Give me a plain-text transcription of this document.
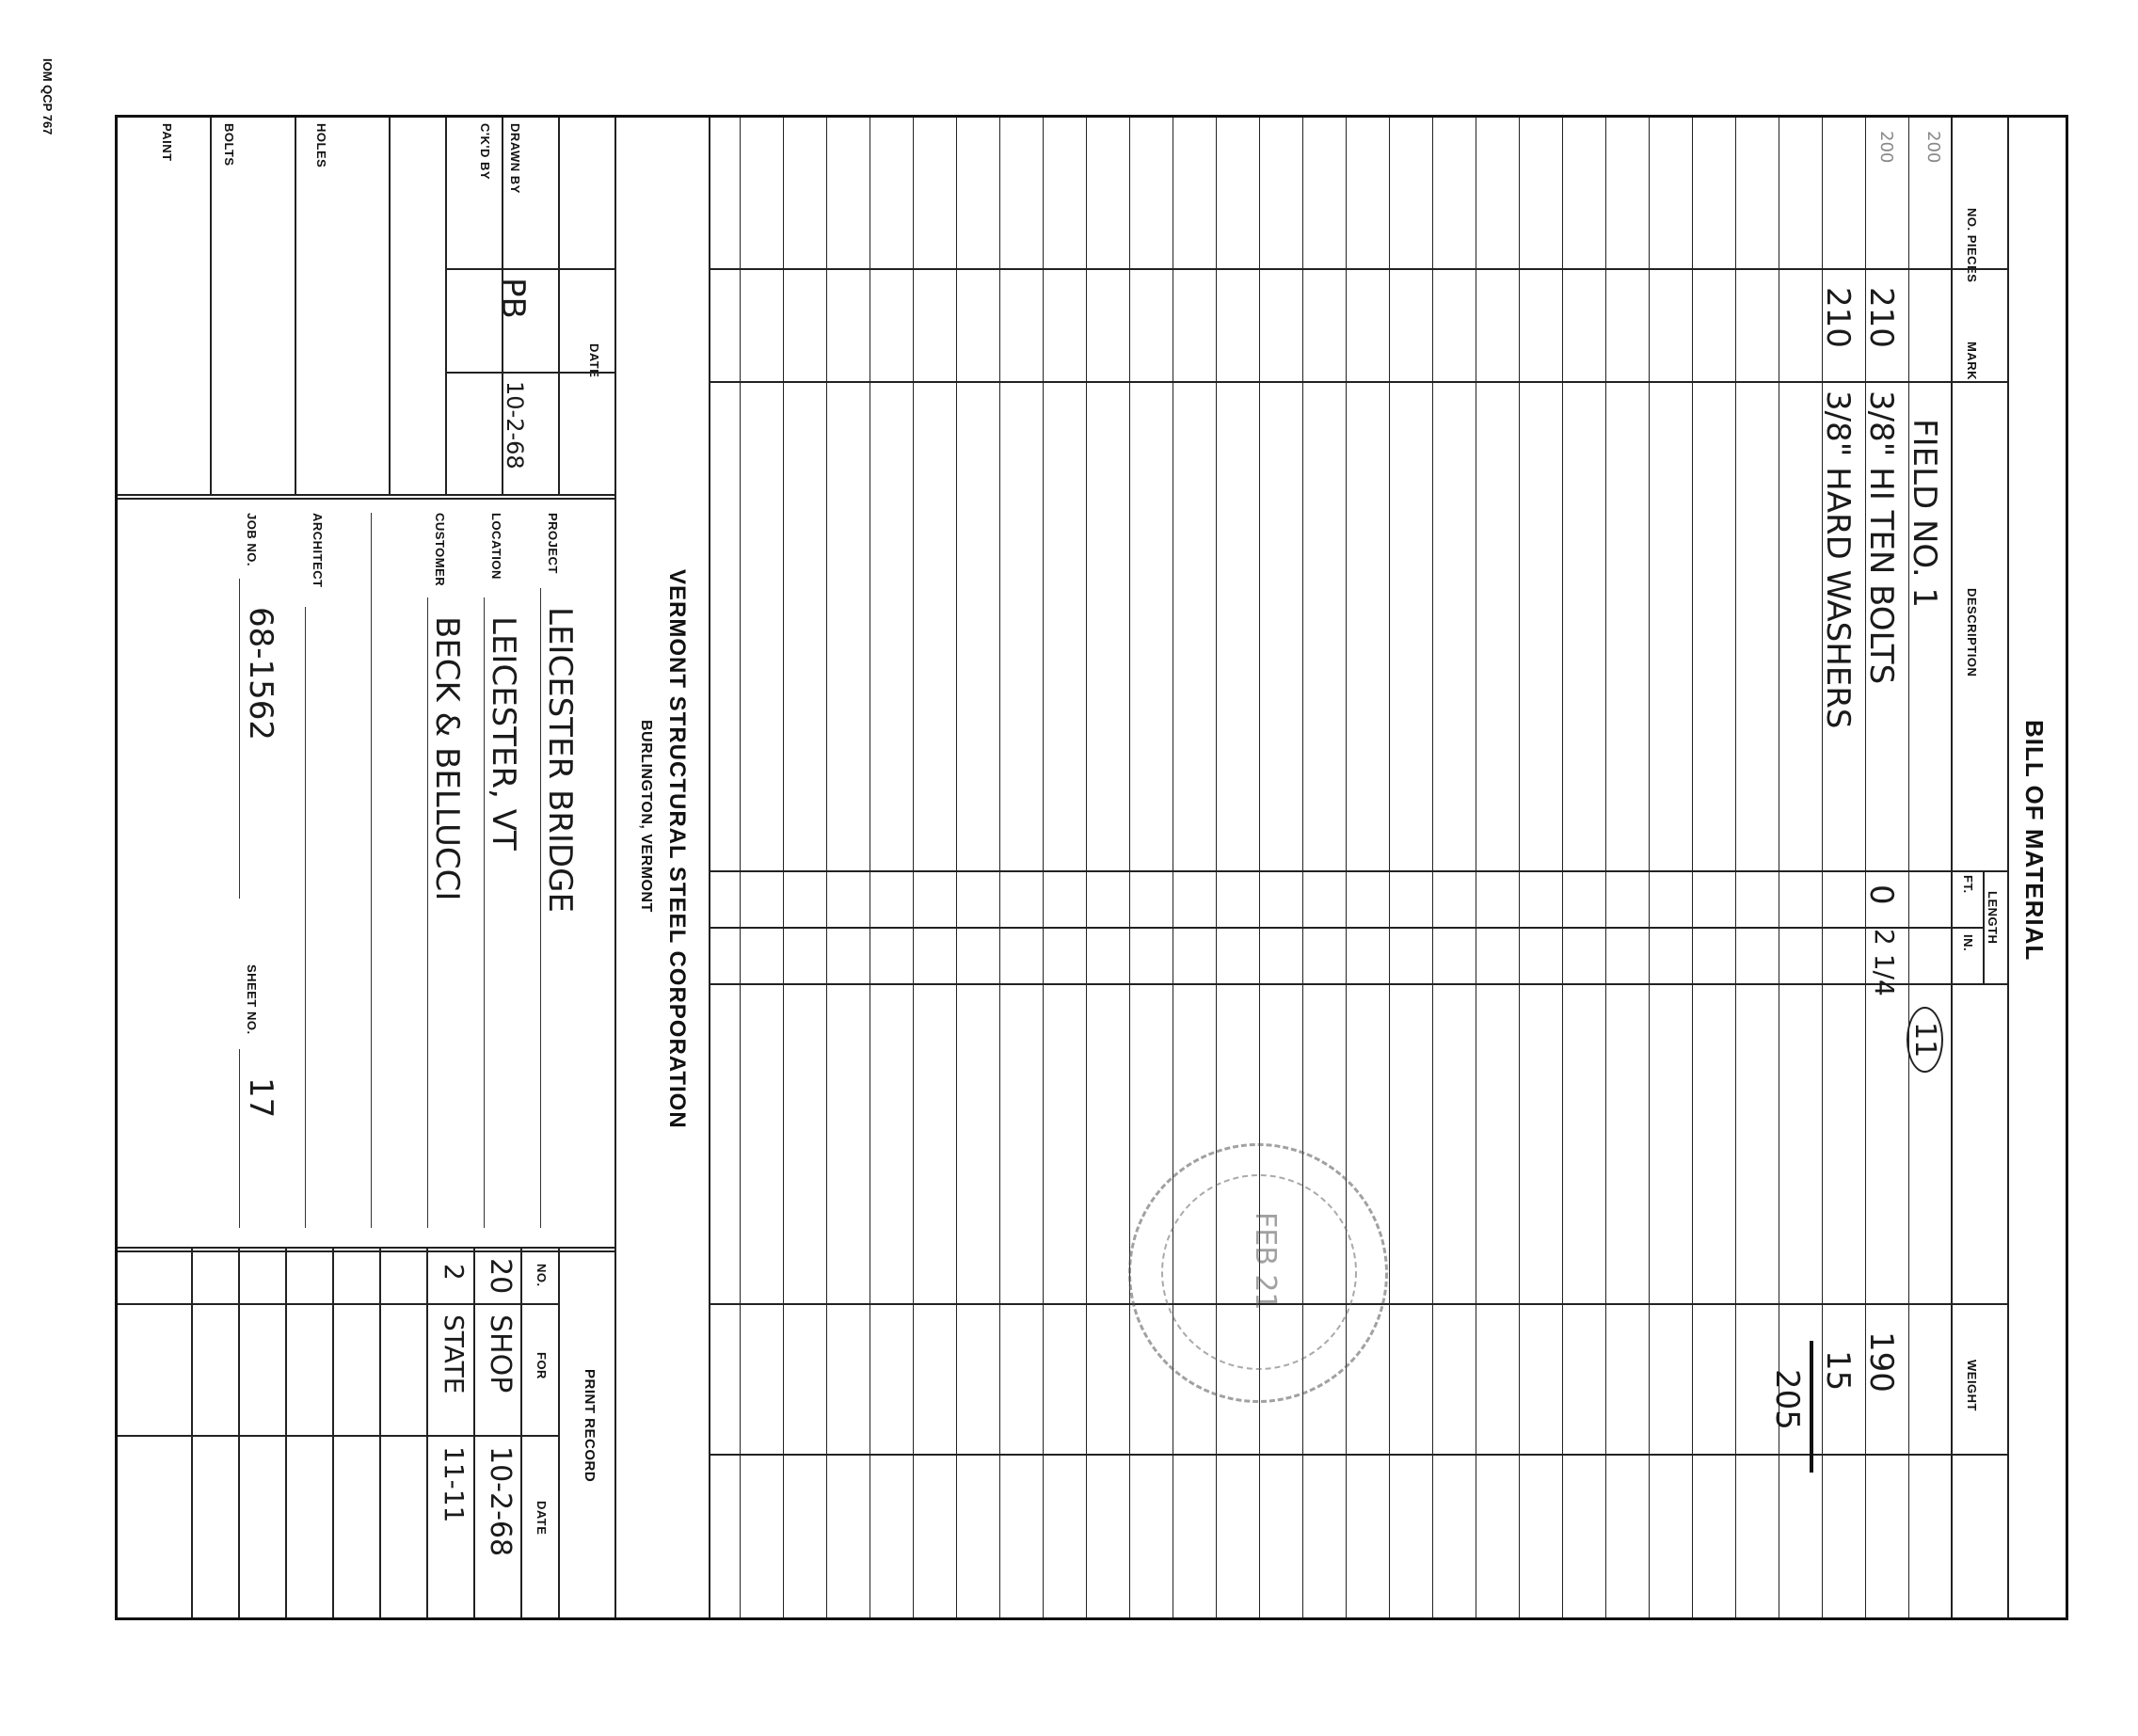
IOM QCP 767
BILL OF MATERIAL
NO. PIECES
MARK
DESCRIPTION
LENGTH
FT.
IN.
WEIGHT
200
200
FIELD NO. 1
210
3/8" HI TEN BOLTS
0
2 1/4
190
210
3/8" HARD WASHERS
15
205
11
FEB 21
VERMONT STRUCTURAL STEEL CORPORATION
BURLINGTON, VERMONT
DATE
DRAWN BY
PB
10-2-68
C'K'D BY
HOLES
BOLTS
PAINT
PROJECT
LEICESTER BRIDGE
LOCATION
LEICESTER, VT
CUSTOMER
BECK & BELLUCCI
ARCHITECT
JOB NO.
68-1562
SHEET NO.
17
PRINT RECORD
NO.
FOR
DATE
20
SHOP
10-2-68
2
STATE
11-11
